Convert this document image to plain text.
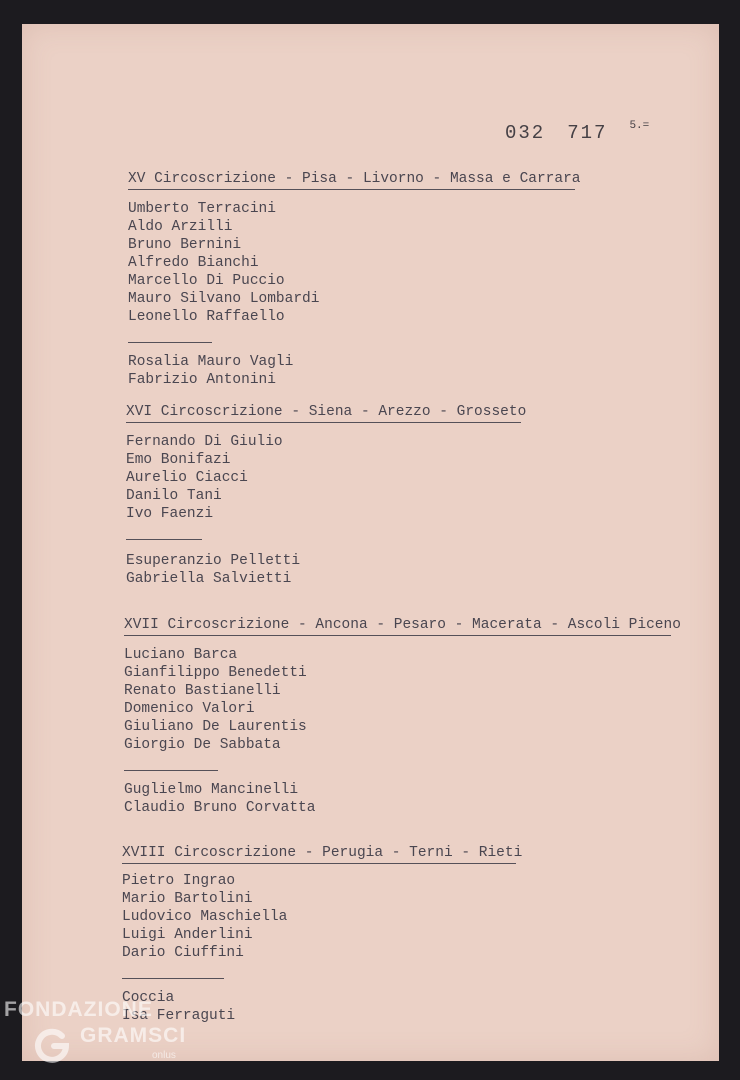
032 717 $^{5.=}$
XV Circoscrizione - Pisa - Livorno - Massa e Carrara
Umberto Terracini
Aldo Arzilli
Bruno Bernini
Alfredo Bianchi
Marcello Di Puccio
Mauro Silvano Lombardi
Leonello Raffaello
Rosalia Mauro Vagli
Fabrizio Antonini
XVI Circoscrizione - Siena - Arezzo - Grosseto
Fernando Di Giulio
Emo Bonifazi
Aurelio Ciacci
Danilo Tani
Ivo Faenzi
Esuperanzio Pelletti
Gabriella Salvietti
XVII Circoscrizione - Ancona - Pesaro - Macerata - Ascoli Piceno
Luciano Barca
Gianfilippo Benedetti
Renato Bastianelli
Domenico Valori
Giuliano De Laurentis
Giorgio De Sabbata
Guglielmo Mancinelli
Claudio Bruno Corvatta
XVIII Circoscrizione - Perugia - Terni - Rieti
Pietro Ingrao
Mario Bartolini
Ludovico Maschiella
Luigi Anderlini
Dario Ciuffini
Coccia
Isa Ferraguti
FONDAZIONE
GRAMSCI
onlus
